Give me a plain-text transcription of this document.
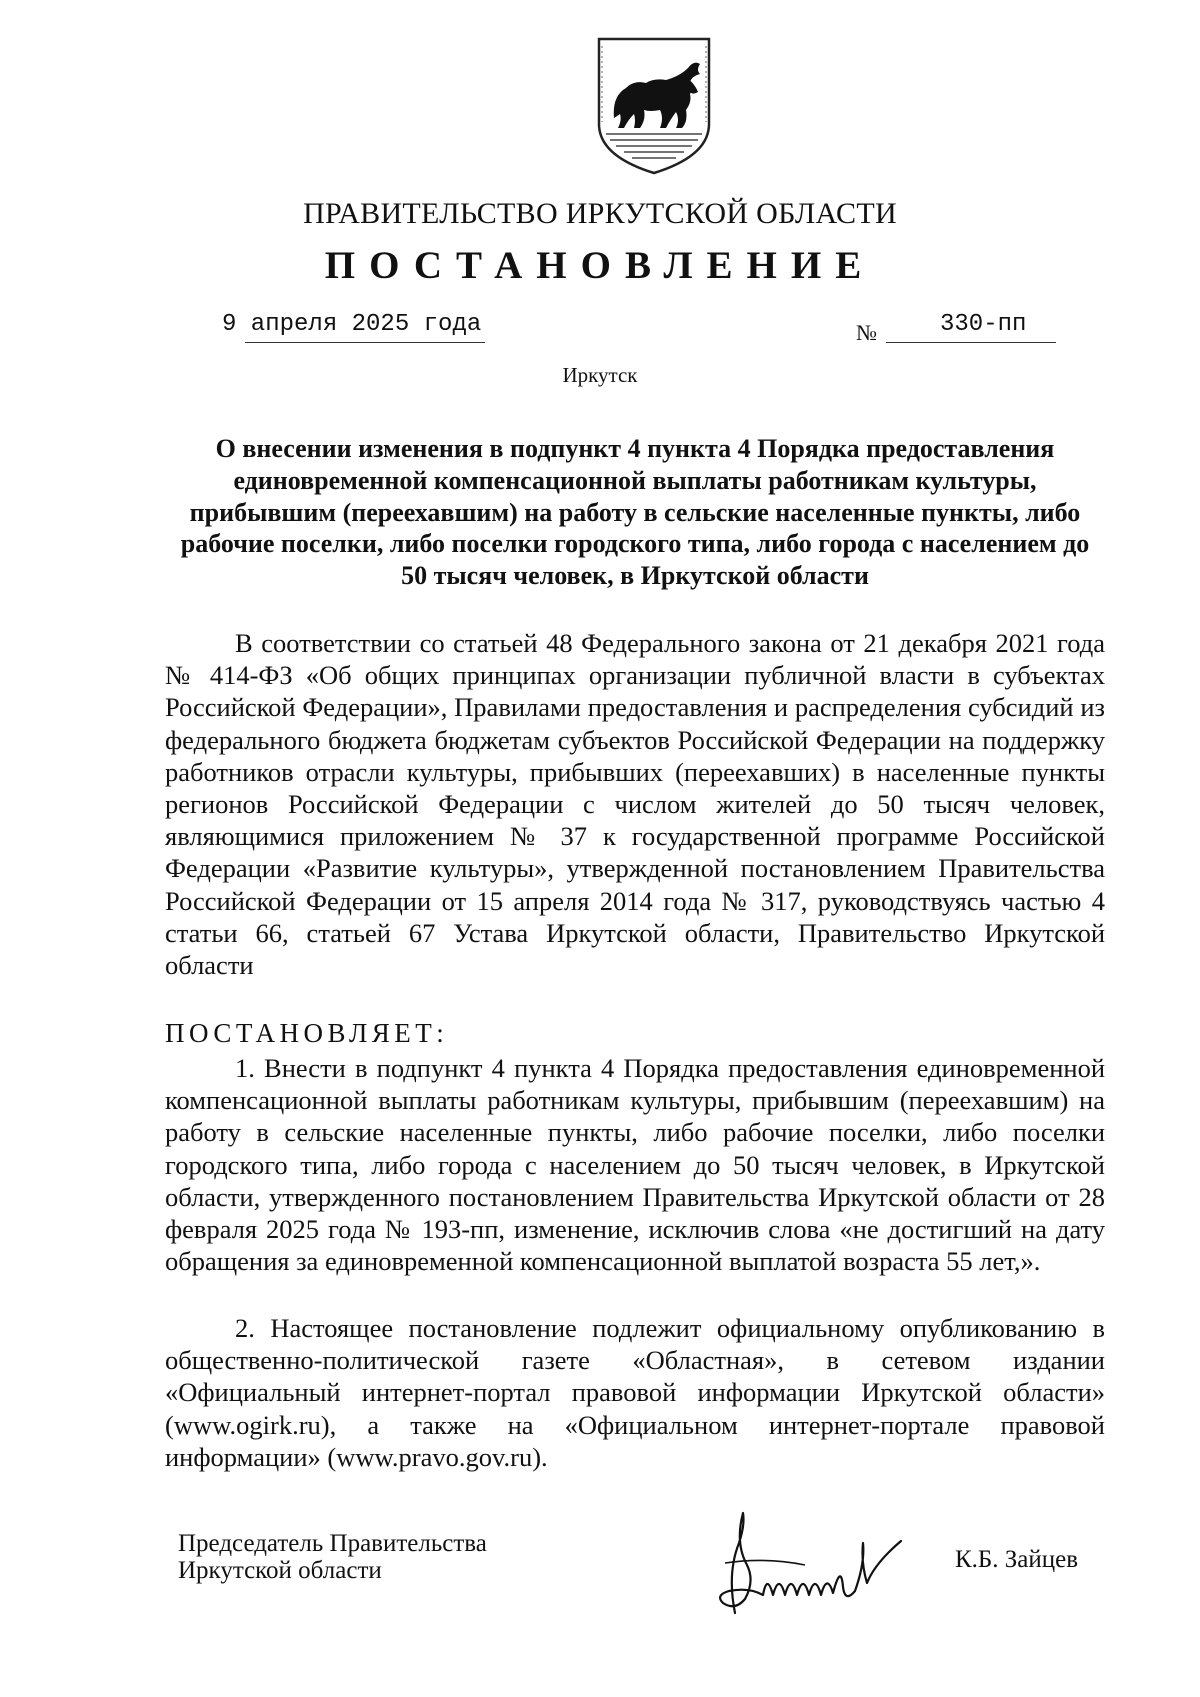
ПРАВИТЕЛЬСТВО ИРКУТСКОЙ ОБЛАСТИ
ПОСТАНОВЛЕНИЕ
9 апреля 2025 года	№	330-пп
Иркутск
О внесении изменения в подпункт 4 пункта 4 Порядка предоставления единовременной компенсационной выплаты работникам культуры, прибывшим (переехавшим) на работу в сельские населенные пункты, либо рабочие поселки, либо поселки городского типа, либо города с населением до 50 тысяч человек, в Иркутской области
В соответствии со статьей 48 Федерального закона от 21 декабря 2021 года № 414-ФЗ «Об общих принципах организации публичной власти в субъектах Российской Федерации», Правилами предоставления и распределения субсидий из федерального бюджета бюджетам субъектов Российской Федерации на поддержку работников отрасли культуры, прибывших (переехавших) в населенные пункты регионов Российской Федерации с числом жителей до 50 тысяч человек, являющимися приложением № 37 к государственной программе Российской Федерации «Развитие культуры», утвержденной постановлением Правительства Российской Федерации от 15 апреля 2014 года № 317, руководствуясь частью 4 статьи 66, статьей 67 Устава Иркутской области, Правительство Иркутской области
ПОСТАНОВЛЯЕТ:
1. Внести в подпункт 4 пункта 4 Порядка предоставления единовременной компенсационной выплаты работникам культуры, прибывшим (переехавшим) на работу в сельские населенные пункты, либо рабочие поселки, либо поселки городского типа, либо города с населением до 50 тысяч человек, в Иркутской области, утвержденного постановлением Правительства Иркутской области от 28 февраля 2025 года № 193-пп, изменение, исключив слова «не достигший на дату обращения за единовременной компенсационной выплатой возраста 55 лет,».
2. Настоящее постановление подлежит официальному опубликованию в общественно-политической газете «Областная», в сетевом издании «Официальный интернет-портал правовой информации Иркутской области» (www.ogirk.ru), а также на «Официальном интернет-портале правовой информации» (www.pravo.gov.ru).
Председатель Правительства
Иркутской области	К.Б. Зайцев
